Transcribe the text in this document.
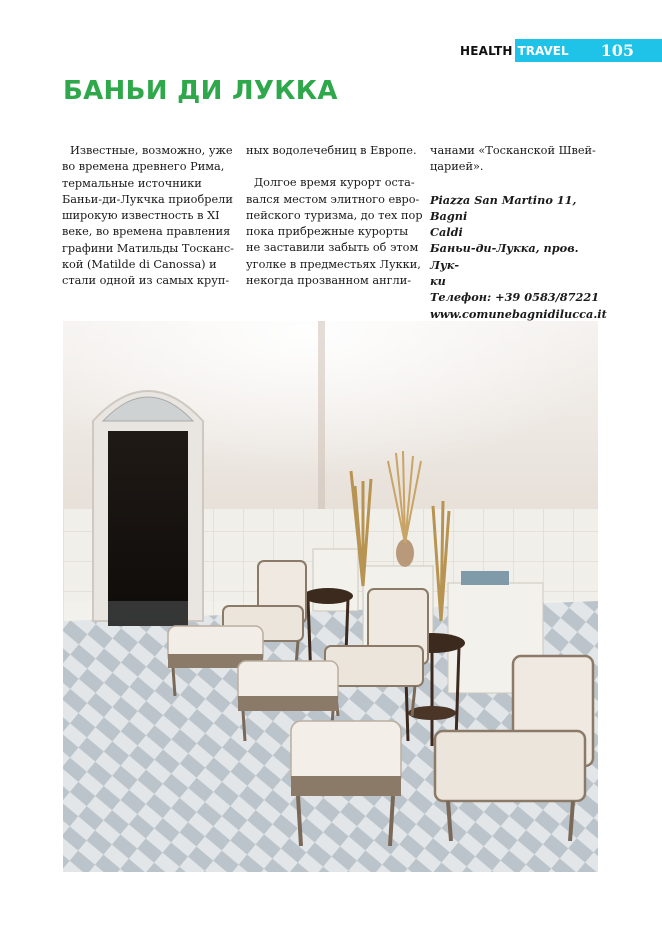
HEALTH TRAVEL 105
БАНЬИ ДИ ЛУККА

Известные, возможно, уже
во времена древнего Рима,
термальные источники
Баньи-ди-Лукчка приобрели
широкую известность в XI
веке, во времена правления
графини Матильды Тосканс-
кой (Matilde di Canossa) и
стали одной из самых круп-

ных водолечебниц в Европе.

Долгое время курорт оста-
вался местом элитного евро-
пейского туризма, до тех пор
пока прибрежные курорты
не заставили забыть об этом
уголке в предместьях Лукки,
некогда прозванном англи-

чанами «Тосканской Швей-
царией».

Piazza San Martino 11, Bagni
Caldi
Баньи-ди-Лукка, пров. Лук-
ки
Телефон: +39 0583/87221
www.comunebagnidilucca.it
